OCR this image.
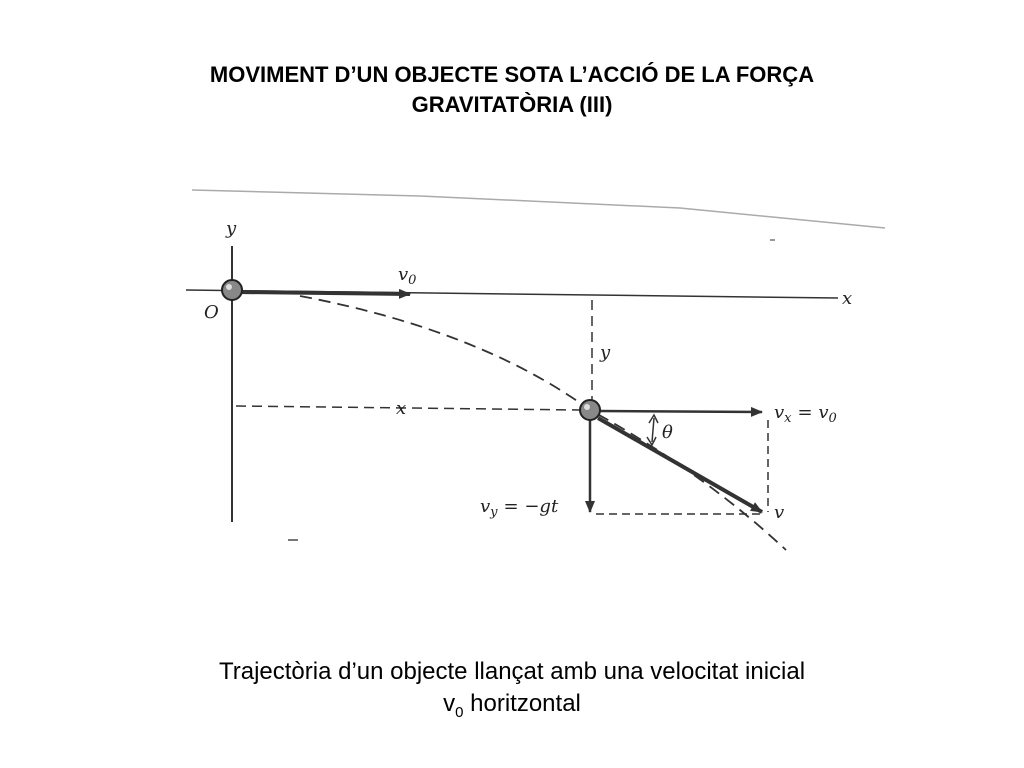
MOVIMENT D’UN OBJECTE SOTA L’ACCIÓ DE LA FORÇA
GRAVITATÒRIA (III)
y
x
O
$v_0$
y
x
θ
$v_x = v_0$
$v_y = -gt$	v
Trajectòria d’un objecte llançat amb una velocitat inicial
$v_0$ horitzontal
